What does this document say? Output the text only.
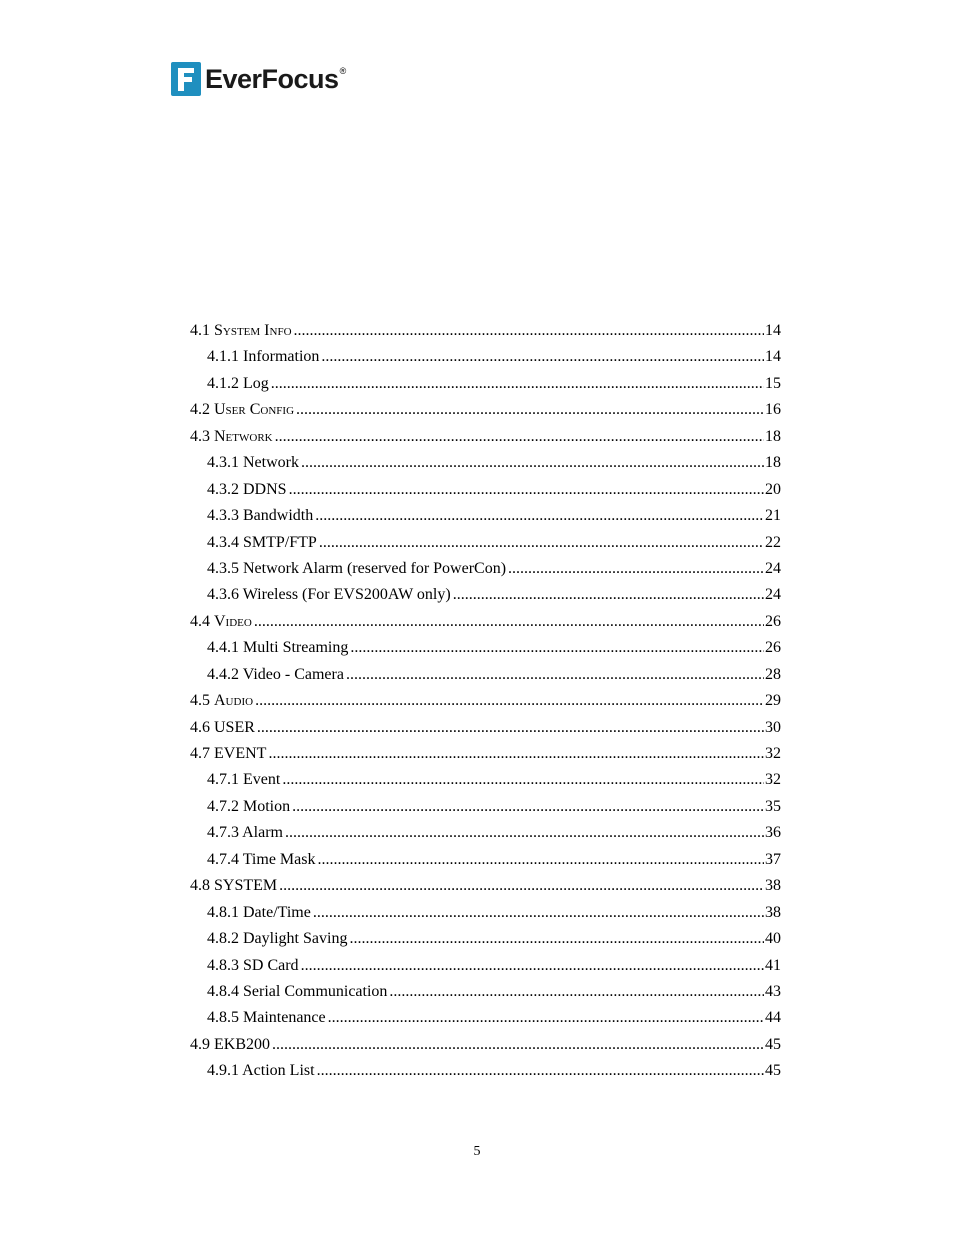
EverFocus ®
4.1 System Info .....	14
4.1.1 Information .....	14
4.1.2 Log .....	15
4.2 User Config .....	16
4.3 Network .....	18
4.3.1 Network .....	18
4.3.2 DDNS .....	20
4.3.3 Bandwidth .....	21
4.3.4 SMTP/FTP .....	22
4.3.5 Network Alarm (reserved for PowerCon) .....	24
4.3.6 Wireless (For EVS200AW only) .....	24
4.4 Video .....	26
4.4.1 Multi Streaming .....	26
4.4.2 Video - Camera .....	28
4.5 Audio .....	29
4.6 USER .....	30
4.7 EVENT .....	32
4.7.1 Event .....	32
4.7.2 Motion .....	35
4.7.3 Alarm .....	36
4.7.4 Time Mask .....	37
4.8 SYSTEM .....	38
4.8.1 Date/Time .....	38
4.8.2 Daylight Saving .....	40
4.8.3 SD Card .....	41
4.8.4 Serial Communication .....	43
4.8.5 Maintenance .....	44
4.9 EKB200 .....	45
4.9.1 Action List .....	45
5
